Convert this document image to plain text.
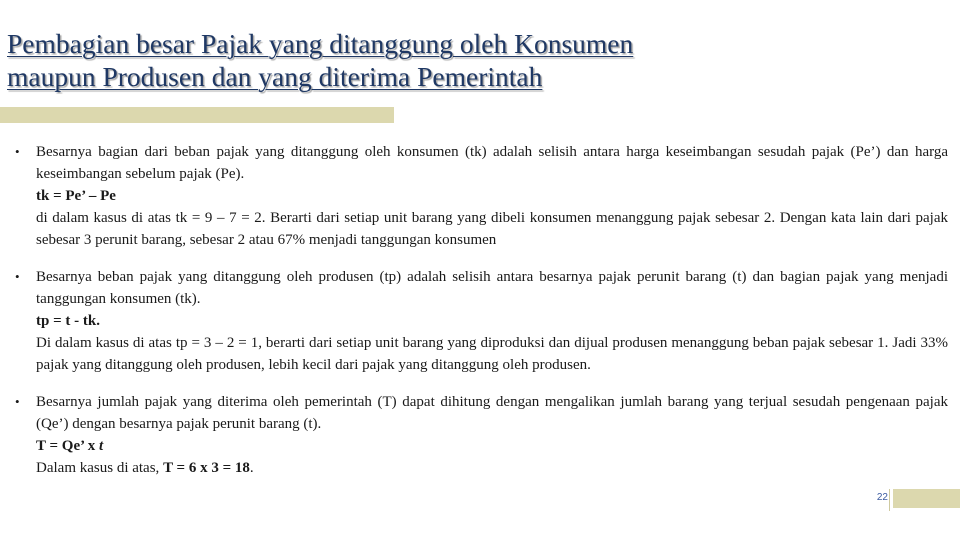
Pembagian besar Pajak yang ditanggung oleh Konsumen
maupun Produsen dan yang diterima Pemerintah
• Besarnya bagian dari beban pajak yang ditanggung oleh konsumen (tk) adalah selisih antara harga keseimbangan sesudah pajak (Pe’) dan harga keseimbangan sebelum pajak (Pe).

tk = Pe’ – Pe

di dalam kasus di atas tk = 9 – 7 = 2. Berarti dari setiap unit barang yang dibeli konsumen menanggung pajak sebesar 2. Dengan kata lain dari pajak sebesar 3 perunit barang, sebesar 2 atau 67% menjadi tanggungan konsumen

• Besarnya beban pajak yang ditanggung oleh produsen (tp) adalah selisih antara besarnya pajak perunit barang (t) dan bagian pajak yang menjadi tanggungan konsumen (tk).

tp = t - tk.

Di dalam kasus di atas tp = 3 – 2 = 1, berarti dari setiap unit barang yang diproduksi dan dijual produsen menanggung beban pajak sebesar 1. Jadi 33% pajak yang ditanggung oleh produsen, lebih kecil dari pajak yang ditanggung oleh produsen.

• Besarnya jumlah pajak yang diterima oleh pemerintah (T) dapat dihitung dengan mengalikan jumlah barang yang terjual sesudah pengenaan pajak (Qe’) dengan besarnya pajak perunit barang (t).

T = Qe’ x t

Dalam kasus di atas, T = 6 x 3 = 18.

22
